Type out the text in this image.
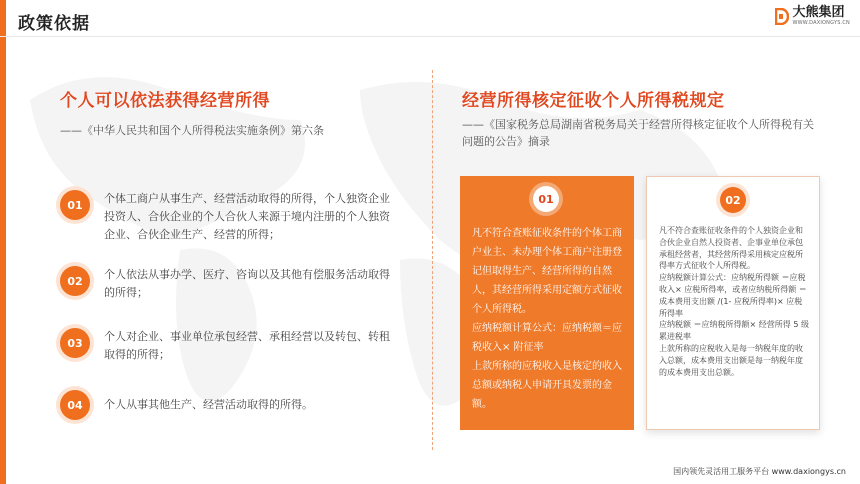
政策依据
大熊集团
WWW.DAXIONGYS.CN
个人可以依法获得经营所得
——《中华人民共和国个人所得税法实施条例》第六条
01	个体工商户从事生产、经营活动取得的所得，个人独资企业投资人、合伙企业的个人合伙人来源于境内注册的个人独资企业、合伙企业生产、经营的所得；
02	个人依法从事办学、医疗、咨询以及其他有偿服务活动取得的所得；
03	个人对企业、事业单位承包经营、承租经营以及转包、转租取得的所得；
04	个人从事其他生产、经营活动取得的所得。
经营所得核定征收个人所得税规定
——《国家税务总局湖南省税务局关于经营所得核定征收个人所得税有关问题的公告》摘录
01

凡不符合查账征收条件的个体工商户业主、未办理个体工商户注册登记但取得生产、经营所得的自然人，其经营所得采用定额方式征收个人所得税。

应纳税额计算公式：应纳税额＝应税收入× 附征率

上款所称的应税收入是核定的收入总额或纳税人申请开具发票的金额。

02

凡不符合查账征收条件的个人独资企业和合伙企业自然人投资者、企事业单位承包承租经营者，其经营所得采用核定应税所得率方式征收个人所得税。

应纳税额计算公式：应纳税所得额 ＝应税收入× 应税所得率，或者应纳税所得额 ＝成本费用支出额 /(1- 应税所得率)× 应税所得率

应纳税额 ＝应纳税所得额× 经营所得 5 级累进税率

上款所称的应税收入是每一纳税年度的收入总额，成本费用支出额是每一纳税年度的成本费用支出总额。

国内领先灵活用工服务平台 www.daxiongys.cn
